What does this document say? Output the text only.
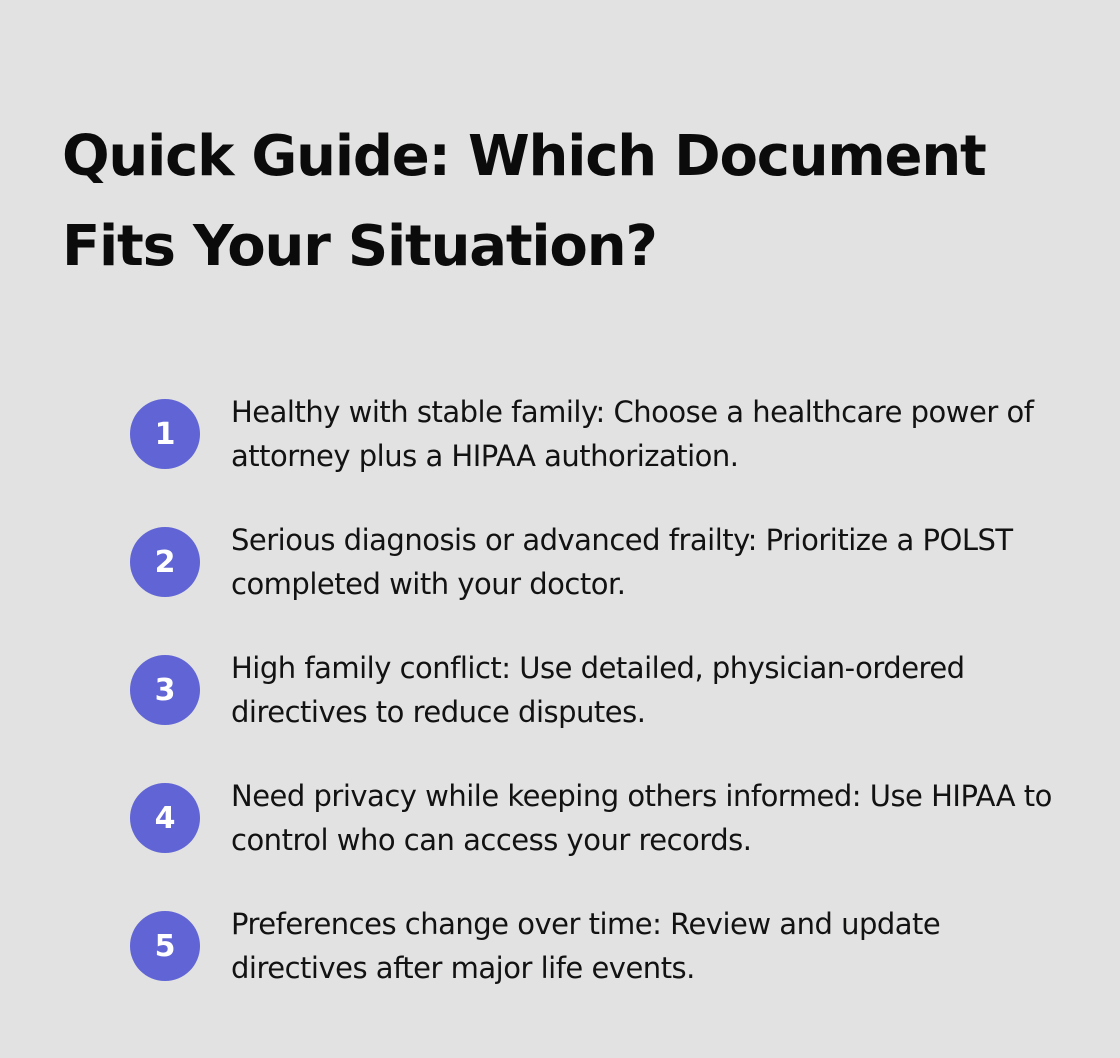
Quick Guide: Which Document Fits Your Situation?
1
Healthy with stable family: Choose a healthcare power of attorney plus a HIPAA authorization.
2
Serious diagnosis or advanced frailty: Prioritize a POLST completed with your doctor.
3
High family conflict: Use detailed, physician-ordered directives to reduce disputes.
4
Need privacy while keeping others informed: Use HIPAA to control who can access your records.
5
Preferences change over time: Review and update directives after major life events.
